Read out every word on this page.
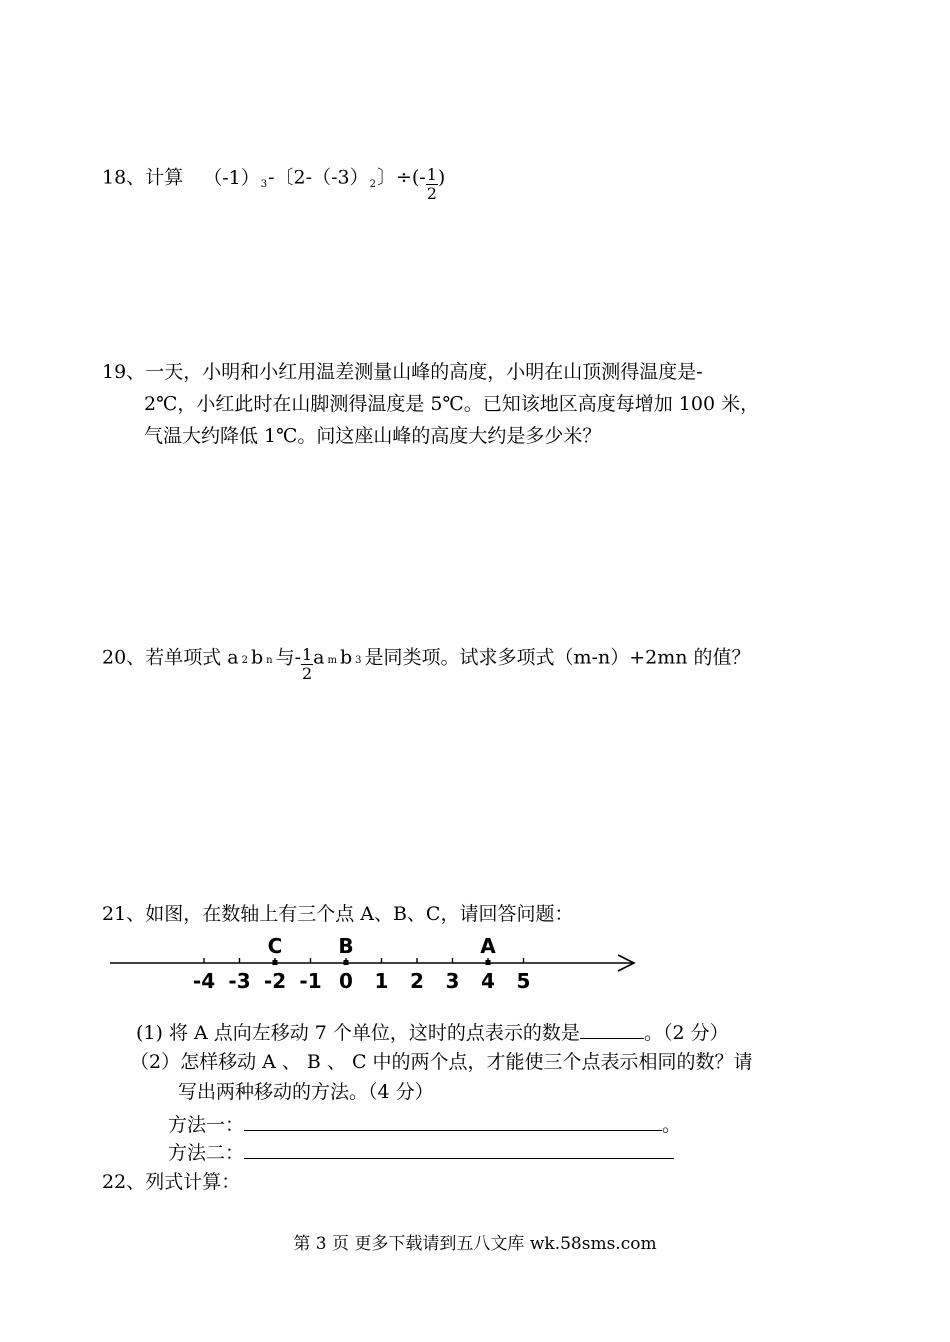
18、计算 （-1）3-〔2-（-3）2〕÷(- $\frac{1}{2}$ )
19、一天，小明和小红用温差测量山峰的高度，小明在山顶测得温度是-
2℃，小红此时在山脚测得温度是 5℃。已知该地区高度每增加 100 米，
气温大约降低 1℃。问这座山峰的高度大约是多少米？
20、若单项式 a 2 b n 与- $\frac{1}{2}$ a m b 3 是同类项。试求多项式（m-n）+2mn 的值？
21、如图，在数轴上有三个点 A、B、C，请回答问题：
-4 -3 -2 -1 0 1 2 3 4 5
C	B	A
(1) 将 A 点向左移动 7 个单位，这时的点表示的数是	。（2 分）
（2）怎样移动 A 、 B 、 C 中的两个点，才能使三个点表示相同的数？请
写出两种移动的方法。（4 分）
方法一：	。
方法二：
22、列式计算：
第 3 页 更多下载请到五八文库 wk.58sms.com
